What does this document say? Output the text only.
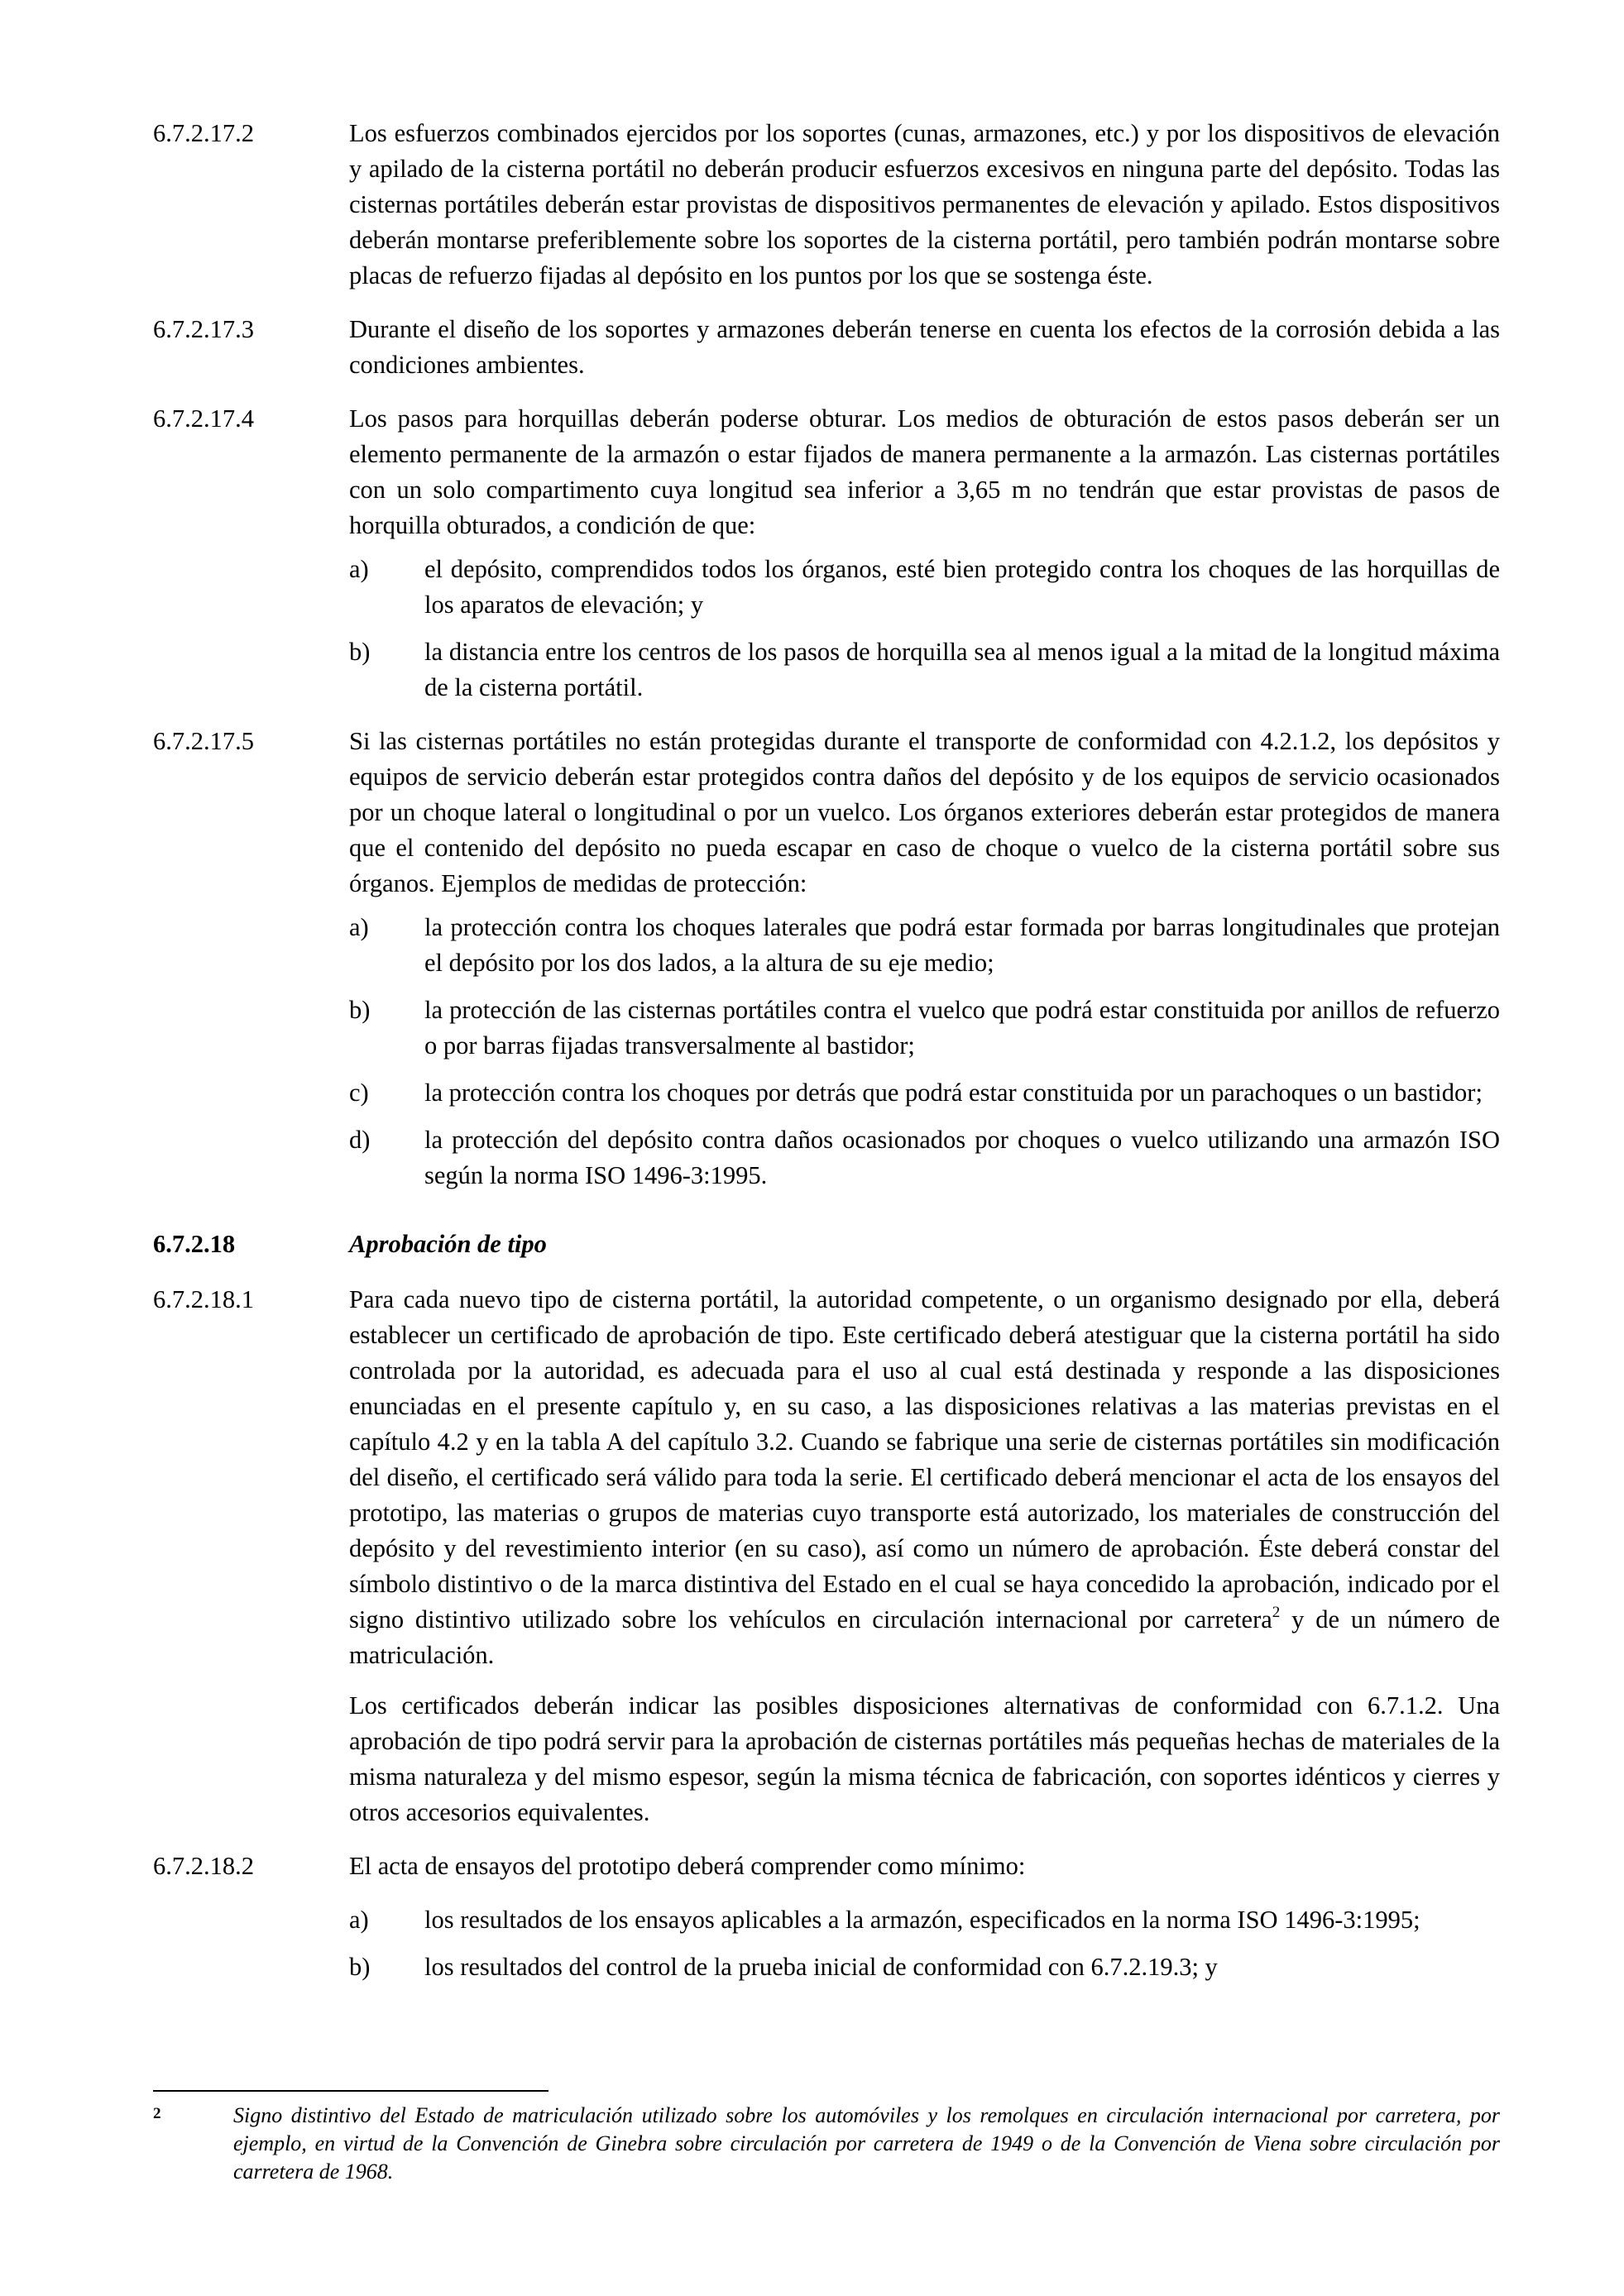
6.7.2.17.2	Los esfuerzos combinados ejercidos por los soportes (cunas, armazones, etc.) y por los dispositivos de elevación y apilado de la cisterna portátil no deberán producir esfuerzos excesivos en ninguna parte del depósito. Todas las cisternas portátiles deberán estar provistas de dispositivos permanentes de elevación y apilado. Estos dispositivos deberán montarse preferiblemente sobre los soportes de la cisterna portátil, pero también podrán montarse sobre placas de refuerzo fijadas al depósito en los puntos por los que se sostenga éste.
6.7.2.17.3	Durante el diseño de los soportes y armazones deberán tenerse en cuenta los efectos de la corrosión debida a las condiciones ambientes.
6.7.2.17.4	Los pasos para horquillas deberán poderse obturar. Los medios de obturación de estos pasos deberán ser un elemento permanente de la armazón o estar fijados de manera permanente a la armazón. Las cisternas portátiles con un solo compartimento cuya longitud sea inferior a 3,65 m no tendrán que estar provistas de pasos de horquilla obturados, a condición de que:
a)	el depósito, comprendidos todos los órganos, esté bien protegido contra los choques de las horquillas de los aparatos de elevación; y
b)	la distancia entre los centros de los pasos de horquilla sea al menos igual a la mitad de la longitud máxima de la cisterna portátil.
6.7.2.17.5	Si las cisternas portátiles no están protegidas durante el transporte de conformidad con 4.2.1.2, los depósitos y equipos de servicio deberán estar protegidos contra daños del depósito y de los equipos de servicio ocasionados por un choque lateral o longitudinal o por un vuelco. Los órganos exteriores deberán estar protegidos de manera que el contenido del depósito no pueda escapar en caso de choque o vuelco de la cisterna portátil sobre sus órganos. Ejemplos de medidas de protección:
a)	la protección contra los choques laterales que podrá estar formada por barras longitudinales que protejan el depósito por los dos lados, a la altura de su eje medio;
b)	la protección de las cisternas portátiles contra el vuelco que podrá estar constituida por anillos de refuerzo o por barras fijadas transversalmente al bastidor;
c)	la protección contra los choques por detrás que podrá estar constituida por un parachoques o un bastidor;
d)	la protección del depósito contra daños ocasionados por choques o vuelco utilizando una armazón ISO según la norma ISO 1496-3:1995.
6.7.2.18	Aprobación de tipo
6.7.2.18.1	Para cada nuevo tipo de cisterna portátil, la autoridad competente, o un organismo designado por ella, deberá establecer un certificado de aprobación de tipo. Este certificado deberá atestiguar que la cisterna portátil ha sido controlada por la autoridad, es adecuada para el uso al cual está destinada y responde a las disposiciones enunciadas en el presente capítulo y, en su caso, a las disposiciones relativas a las materias previstas en el capítulo 4.2 y en la tabla A del capítulo 3.2. Cuando se fabrique una serie de cisternas portátiles sin modificación del diseño, el certificado será válido para toda la serie. El certificado deberá mencionar el acta de los ensayos del prototipo, las materias o grupos de materias cuyo transporte está autorizado, los materiales de construcción del depósito y del revestimiento interior (en su caso), así como un número de aprobación. Éste deberá constar del símbolo distintivo o de la marca distintiva del Estado en el cual se haya concedido la aprobación, indicado por el signo distintivo utilizado sobre los vehículos en circulación internacional por carretera$^2$ y de un número de matriculación.

Los certificados deberán indicar las posibles disposiciones alternativas de conformidad con 6.7.1.2. Una aprobación de tipo podrá servir para la aprobación de cisternas portátiles más pequeñas hechas de materiales de la misma naturaleza y del mismo espesor, según la misma técnica de fabricación, con soportes idénticos y cierres y otros accesorios equivalentes.

6.7.2.18.2	El acta de ensayos del prototipo deberá comprender como mínimo:
a)	los resultados de los ensayos aplicables a la armazón, especificados en la norma ISO 1496-3:1995;
b)	los resultados del control de la prueba inicial de conformidad con 6.7.2.19.3; y
2	Signo distintivo del Estado de matriculación utilizado sobre los automóviles y los remolques en circulación internacional por carretera, por ejemplo, en virtud de la Convención de Ginebra sobre circulación por carretera de 1949 o de la Convención de Viena sobre circulación por carretera de 1968.
